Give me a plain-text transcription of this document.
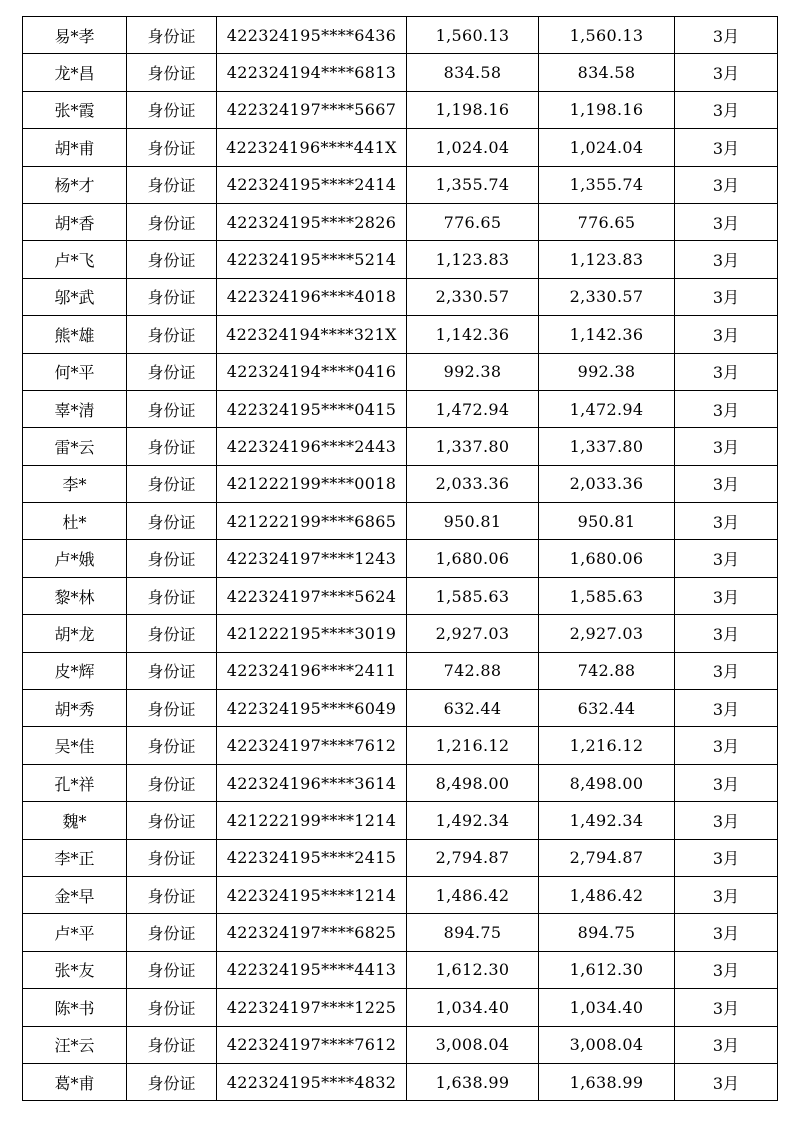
易*孝	身份证	422324195****6436	1,560.13	1,560.13	3月
龙*昌	身份证	422324194****6813	834.58	834.58	3月
张*霞	身份证	422324197****5667	1,198.16	1,198.16	3月
胡*甫	身份证	422324196****441X	1,024.04	1,024.04	3月
杨*才	身份证	422324195****2414	1,355.74	1,355.74	3月
胡*香	身份证	422324195****2826	776.65	776.65	3月
卢*飞	身份证	422324195****5214	1,123.83	1,123.83	3月
邬*武	身份证	422324196****4018	2,330.57	2,330.57	3月
熊*雄	身份证	422324194****321X	1,142.36	1,142.36	3月
何*平	身份证	422324194****0416	992.38	992.38	3月
辜*清	身份证	422324195****0415	1,472.94	1,472.94	3月
雷*云	身份证	422324196****2443	1,337.80	1,337.80	3月
李*	身份证	421222199****0018	2,033.36	2,033.36	3月
杜*	身份证	421222199****6865	950.81	950.81	3月
卢*娥	身份证	422324197****1243	1,680.06	1,680.06	3月
黎*林	身份证	422324197****5624	1,585.63	1,585.63	3月
胡*龙	身份证	421222195****3019	2,927.03	2,927.03	3月
皮*辉	身份证	422324196****2411	742.88	742.88	3月
胡*秀	身份证	422324195****6049	632.44	632.44	3月
吴*佳	身份证	422324197****7612	1,216.12	1,216.12	3月
孔*祥	身份证	422324196****3614	8,498.00	8,498.00	3月
魏*	身份证	421222199****1214	1,492.34	1,492.34	3月
李*正	身份证	422324195****2415	2,794.87	2,794.87	3月
金*早	身份证	422324195****1214	1,486.42	1,486.42	3月
卢*平	身份证	422324197****6825	894.75	894.75	3月
张*友	身份证	422324195****4413	1,612.30	1,612.30	3月
陈*书	身份证	422324197****1225	1,034.40	1,034.40	3月
汪*云	身份证	422324197****7612	3,008.04	3,008.04	3月
葛*甫	身份证	422324195****4832	1,638.99	1,638.99	3月
